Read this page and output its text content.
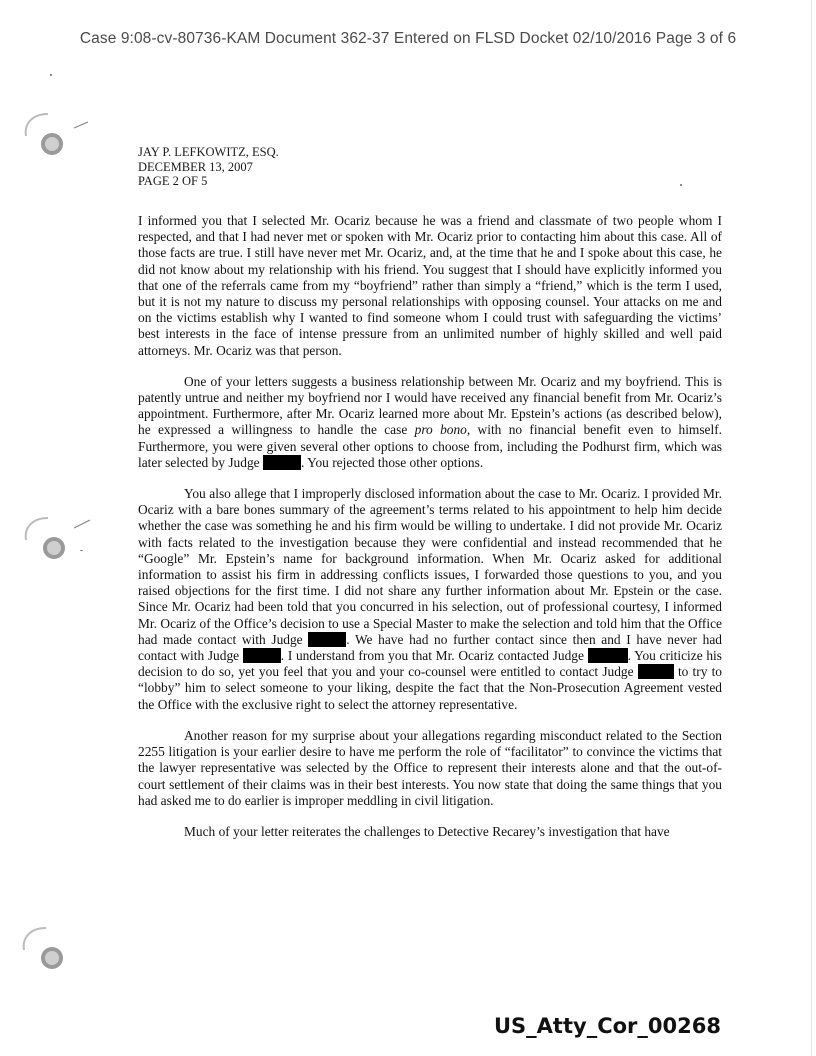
Case 9:08-cv-80736-KAM Document 362-37 Entered on FLSD Docket 02/10/2016 Page 3 of 6
JAY P. LEFKOWITZ, ESQ.
DECEMBER 13, 2007
PAGE 2 OF 5

I informed you that I selected Mr. Ocariz because he was a friend and classmate of two people whom I respected, and that I had never met or spoken with Mr. Ocariz prior to contacting him about this case. All of those facts are true. I still have never met Mr. Ocariz, and, at the time that he and I spoke about this case, he did not know about my relationship with his friend. You suggest that I should have explicitly informed you that one of the referrals came from my “boyfriend” rather than simply a “friend,” which is the term I used, but it is not my nature to discuss my personal relationships with opposing counsel. Your attacks on me and on the victims establish why I wanted to find someone whom I could trust with safeguarding the victims’ best interests in the face of intense pressure from an unlimited number of highly skilled and well paid attorneys. Mr. Ocariz was that person.

One of your letters suggests a business relationship between Mr. Ocariz and my boyfriend. This is patently untrue and neither my boyfriend nor I would have received any financial benefit from Mr. Ocariz’s appointment. Furthermore, after Mr. Ocariz learned more about Mr. Epstein’s actions (as described below), he expressed a willingness to handle the case pro bono, with no financial benefit even to himself. Furthermore, you were given several other options to choose from, including the Podhurst firm, which was later selected by Judge	. You rejected those other options.

You also allege that I improperly disclosed information about the case to Mr. Ocariz. I provided Mr. Ocariz with a bare bones summary of the agreement’s terms related to his appointment to help him decide whether the case was something he and his firm would be willing to undertake. I did not provide Mr. Ocariz with facts related to the investigation because they were confidential and instead recommended that he “Google” Mr. Epstein’s name for background information. When Mr. Ocariz asked for additional information to assist his firm in addressing conflicts issues, I forwarded those questions to you, and you raised objections for the first time. I did not share any further information about Mr. Epstein or the case. Since Mr. Ocariz had been told that you concurred in his selection, out of professional courtesy, I informed Mr. Ocariz of the Office’s decision to use a Special Master to make the selection and told him that the Office had made contact with Judge	. We have had no further contact since then and I have never had contact with Judge	. I understand from you that Mr. Ocariz contacted Judge	. You criticize his decision to do so, yet you feel that you and your co-counsel were entitled to contact Judge	to try to “lobby” him to select someone to your liking, despite the fact that the Non-Prosecution Agreement vested the Office with the exclusive right to select the attorney representative.

Another reason for my surprise about your allegations regarding misconduct related to the Section 2255 litigation is your earlier desire to have me perform the role of “facilitator” to convince the victims that the lawyer representative was selected by the Office to represent their interests alone and that the out-of-court settlement of their claims was in their best interests. You now state that doing the same things that you had asked me to do earlier is improper meddling in civil litigation.

Much of your letter reiterates the challenges to Detective Recarey’s investigation that have

US_Atty_Cor_00268
